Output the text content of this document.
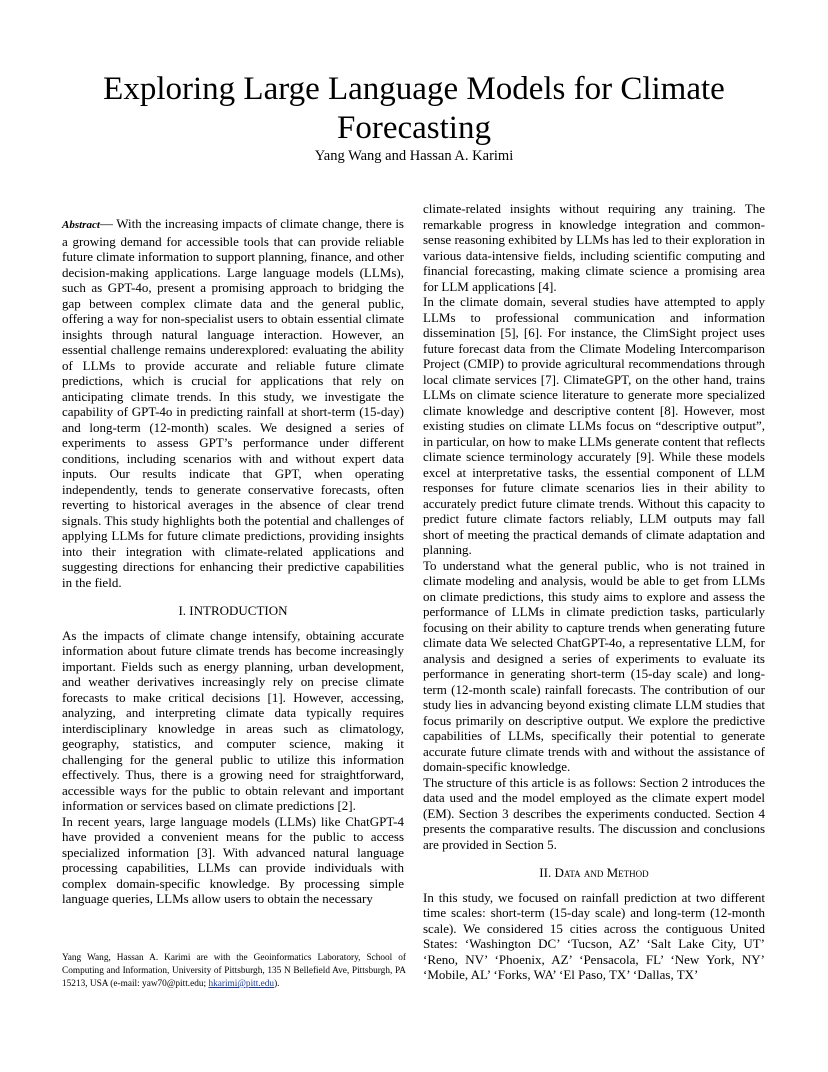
Exploring Large Language Models for Climate Forecasting
Yang Wang and Hassan A. Karimi

Abstract— With the increasing impacts of climate change, there is a growing demand for accessible tools that can provide reliable future climate information to support planning, finance, and other decision-making applications. Large language models (LLMs), such as GPT-4o, present a promising approach to bridging the gap between complex climate data and the general public, offering a way for non-specialist users to obtain essential climate insights through natural language interaction. However, an essential challenge remains underexplored: evaluating the ability of LLMs to provide accurate and reliable future climate predictions, which is crucial for applications that rely on anticipating climate trends. In this study, we investigate the capability of GPT-4o in predicting rainfall at short-term (15-day) and long-term (12-month) scales. We designed a series of experiments to assess GPT’s performance under different conditions, including scenarios with and without expert data inputs. Our results indicate that GPT, when operating independently, tends to generate conservative forecasts, often reverting to historical averages in the absence of clear trend signals. This study highlights both the potential and challenges of applying LLMs for future climate predictions, providing insights into their integration with climate-related applications and suggesting directions for enhancing their predictive capabilities in the field.

I. INTRODUCTION

As the impacts of climate change intensify, obtaining accurate information about future climate trends has become increasingly important. Fields such as energy planning, urban development, and weather derivatives increasingly rely on precise climate forecasts to make critical decisions [1]. However, accessing, analyzing, and interpreting climate data typically requires interdisciplinary knowledge in areas such as climatology, geography, statistics, and computer science, making it challenging for the general public to utilize this information effectively. Thus, there is a growing need for straightforward, accessible ways for the public to obtain relevant and important information or services based on climate predictions [2].

In recent years, large language models (LLMs) like ChatGPT-4 have provided a convenient means for the public to access specialized information [3]. With advanced natural language processing capabilities, LLMs can provide individuals with complex domain-specific knowledge. By processing simple language queries, LLMs allow users to obtain the necessary

climate-related insights without requiring any training. The remarkable progress in knowledge integration and common-sense reasoning exhibited by LLMs has led to their exploration in various data-intensive fields, including scientific computing and financial forecasting, making climate science a promising area for LLM applications [4].

In the climate domain, several studies have attempted to apply LLMs to professional communication and information dissemination [5], [6]. For instance, the ClimSight project uses future forecast data from the Climate Modeling Intercomparison Project (CMIP) to provide agricultural recommendations through local climate services [7]. ClimateGPT, on the other hand, trains LLMs on climate science literature to generate more specialized climate knowledge and descriptive content [8]. However, most existing studies on climate LLMs focus on “descriptive output”, in particular, on how to make LLMs generate content that reflects climate science terminology accurately [9]. While these models excel at interpretative tasks, the essential component of LLM responses for future climate scenarios lies in their ability to accurately predict future climate trends. Without this capacity to predict future climate factors reliably, LLM outputs may fall short of meeting the practical demands of climate adaptation and planning.

To understand what the general public, who is not trained in climate modeling and analysis, would be able to get from LLMs on climate predictions, this study aims to explore and assess the performance of LLMs in climate prediction tasks, particularly focusing on their ability to capture trends when generating future climate data We selected ChatGPT-4o, a representative LLM, for analysis and designed a series of experiments to evaluate its performance in generating short-term (15-day scale) and long-term (12-month scale) rainfall forecasts. The contribution of our study lies in advancing beyond existing climate LLM studies that focus primarily on descriptive output. We explore the predictive capabilities of LLMs, specifically their potential to generate accurate future climate trends with and without the assistance of domain-specific knowledge.

The structure of this article is as follows: Section 2 introduces the data used and the model employed as the climate expert model (EM). Section 3 describes the experiments conducted. Section 4 presents the comparative results. The discussion and conclusions are provided in Section 5.

II. Data and Method

In this study, we focused on rainfall prediction at two different time scales: short-term (15-day scale) and long-term (12-month scale). We considered 15 cities across the contiguous United States: ‘Washington DC’ ‘Tucson, AZ’ ‘Salt Lake City, UT’ ‘Reno, NV’ ‘Phoenix, AZ’ ‘Pensacola, FL’ ‘New York, NY’ ‘Mobile, AL’ ‘Forks, WA’ ‘El Paso, TX’ ‘Dallas, TX’

Yang Wang, Hassan A. Karimi are with the Geoinformatics Laboratory, School of Computing and Information, University of Pittsburgh, 135 N Bellefield Ave, Pittsburgh, PA 15213, USA (e-mail: yaw70@pitt.edu; hkarimi@pitt.edu).
